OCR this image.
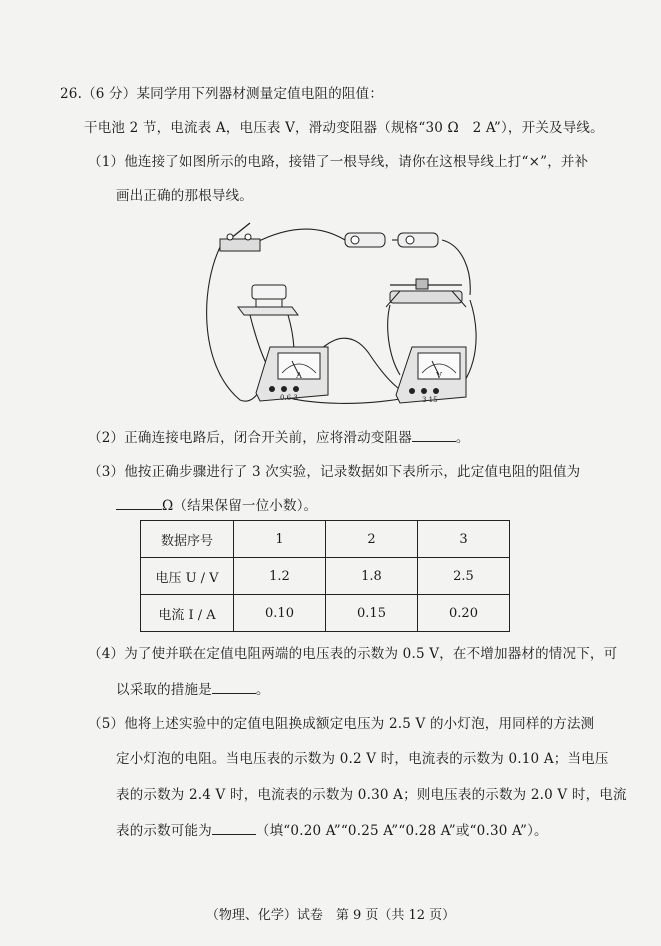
26.（6 分）某同学用下列器材测量定值电阻的阻值：
干电池 2 节，电流表 A，电压表 V，滑动变阻器（规格“30 Ω　2 A”），开关及导线。
（1）他连接了如图所示的电路，接错了一根导线，请你在这根导线上打“×”，并补
画出正确的那根导线。
A
0.6 3
V
3 15
（2）正确连接电路后，闭合开关前，应将滑动变阻器	。
（3）他按正确步骤进行了 3 次实验，记录数据如下表所示，此定值电阻的阻值为
Ω（结果保留一位小数）。
数据序号	1	2	3
电压 U / V	1.2	1.8	2.5
电流 I / A	0.10	0.15	0.20
（4）为了使并联在定值电阻两端的电压表的示数为 0.5 V，在不增加器材的情况下，可
以采取的措施是	。
（5）他将上述实验中的定值电阻换成额定电压为 2.5 V 的小灯泡，用同样的方法测
定小灯泡的电阻。当电压表的示数为 0.2 V 时，电流表的示数为 0.10 A；当电压
表的示数为 2.4 V 时，电流表的示数为 0.30 A；则电压表的示数为 2.0 V 时，电流
表的示数可能为	（填“0.20 A”“0.25 A”“0.28 A”或“0.30 A”）。
（物理、化学）试卷　第 9 页（共 12 页）
